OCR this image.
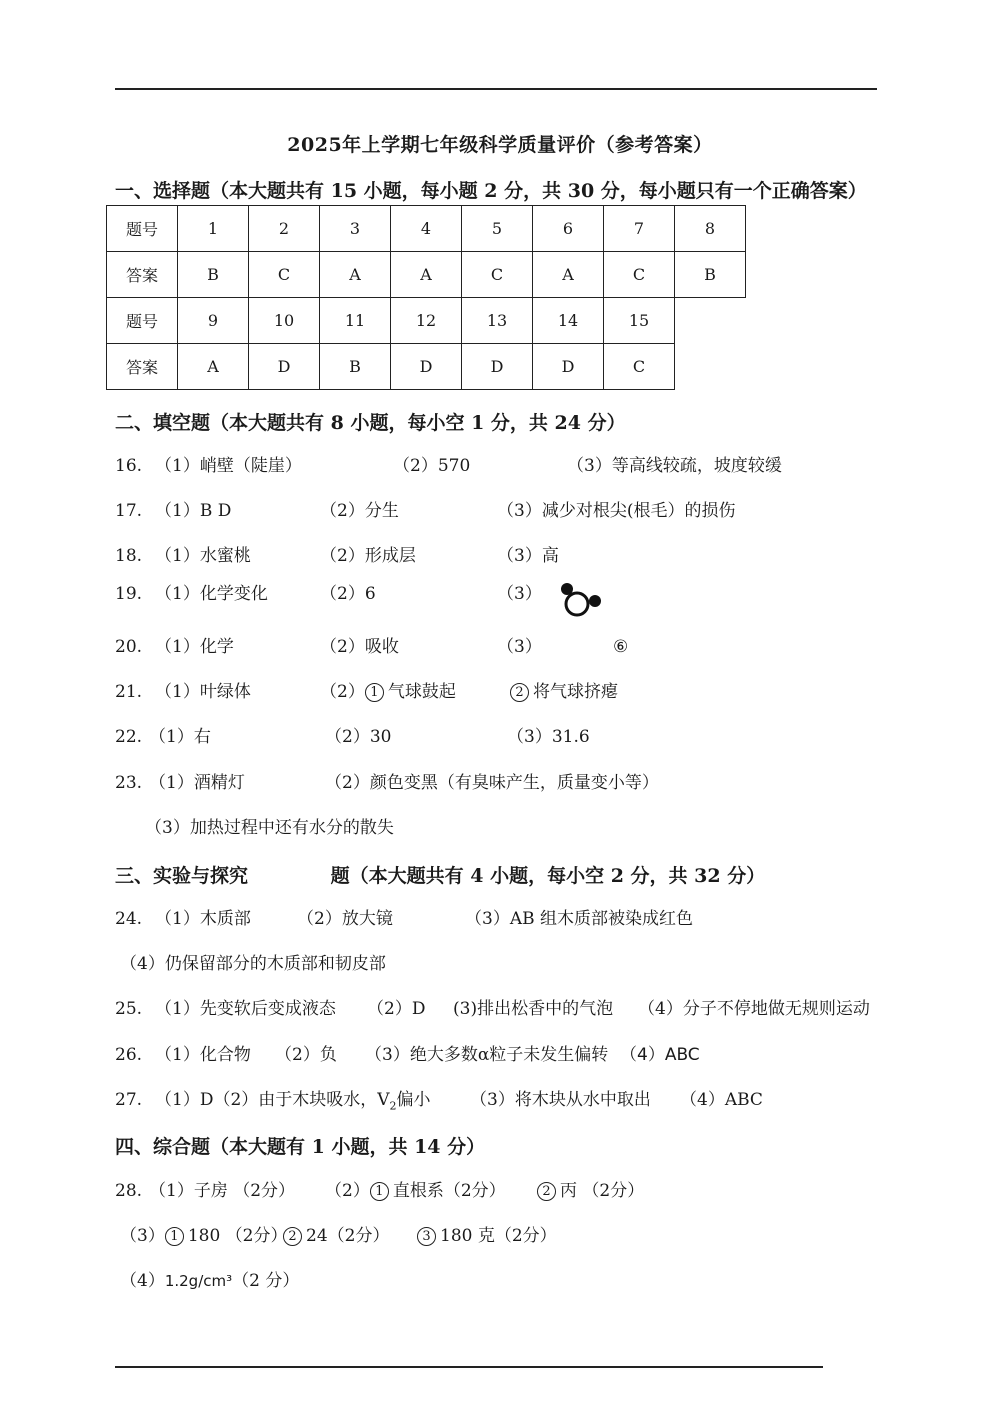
2025年上学期七年级科学质量评价（参考答案）
一、选择题（本大题共有 15 小题，每小题 2 分，共 30 分，每小题只有一个正确答案）
题号	1	2	3	4	5	6	7	8
答案	B	C	A	A	C	A	C	B
题号	9	10	11	12	13	14	15
答案	A	D	B	D	D	D	C
二、填空题（本大题共有 8 小题，每小空 1 分，共 24 分）
16. （1）峭壁（陡崖）	（2）570	（3）等高线较疏，坡度较缓
17. （1）B D	（2）分生	（3）减少对根尖(根毛）的损伤
18. （1）水蜜桃	（2）形成层	（3）高
19. （1）化学变化	（2）6	（3）
20. （1）化学	（2）吸收	（3）	⑥
21. （1）叶绿体	（2） 1 气球鼓起	2 将气球挤瘪
22. （1）右	（2）30	（3）31.6
23. （1）酒精灯	（2）颜色变黑（有臭味产生，质量变小等）
（3）加热过程中还有水分的散失
三、实验与探究	题（本大题共有 4 小题，每小空 2 分，共 32 分）
24. （1）木质部	（2）放大镜	（3）AB 组木质部被染成红色
（4）仍保留部分的木质部和韧皮部
25. （1）先变软后变成液态 （2）D (3)排出松香中的气泡 （4）分子不停地做无规则运动
26. （1）化合物 （2）负 （3）绝大多数α粒子未发生偏转 （4）ABC
27. （1）D（2）由于木块吸水，$V_2$偏小 （3）将木块从水中取出 （4）ABC
四、综合题（本大题有 1 小题，共 14 分）
28. （1）子房 （2分） （2） 1 直根系（2分）	2 丙 （2分）
（3） 1 180 （2分） 2 24（2分）	3 180 克（2分）
（4）1.2g/cm³（2 分）
